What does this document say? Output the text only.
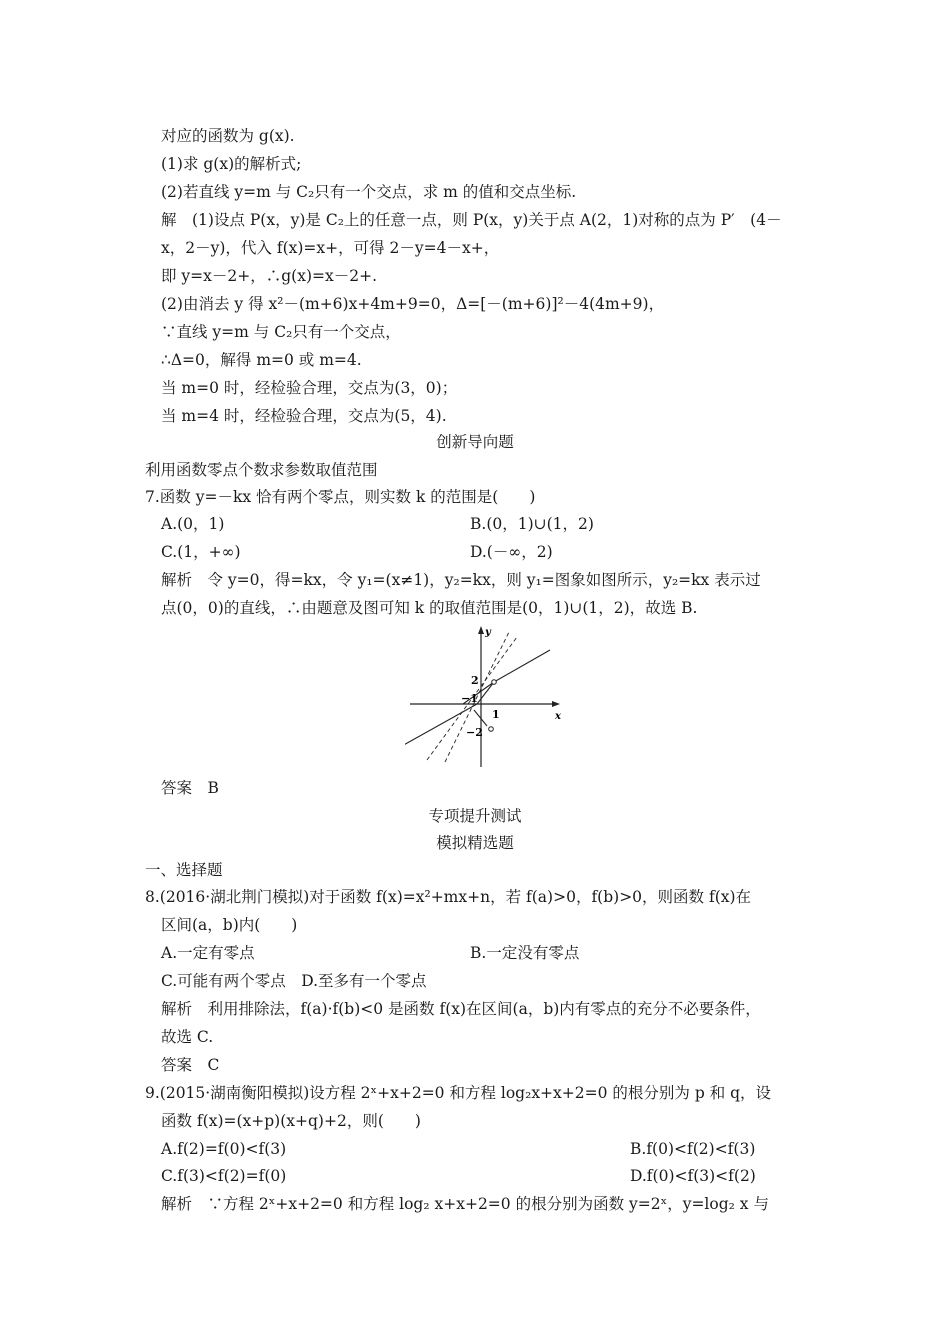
对应的函数为 g(x).
(1)求 g(x)的解析式;
(2)若直线 y=m 与 C₂只有一个交点，求 m 的值和交点坐标.
解　(1)设点 P(x，y)是 C₂上的任意一点，则 P(x，y)关于点 A(2，1)对称的点为 P′　(4－
x，2－y)，代入 f(x)=x+，可得 2－y=4－x+，
即 y=x－2+，∴g(x)=x－2+.
(2)由消去 y 得 x²－(m+6)x+4m+9=0，Δ=[－(m+6)]²－4(4m+9)，
∵直线 y=m 与 C₂只有一个交点，
∴Δ=0，解得 m=0 或 m=4.
当 m=0 时，经检验合理，交点为(3，0)；
当 m=4 时，经检验合理，交点为(5，4).
创新导向题
利用函数零点个数求参数取值范围
7.函数 y=－kx 恰有两个零点，则实数 k 的范围是(　　)
A.(0，1)	B.(0，1)∪(1，2)
C.(1，+∞)	D.(－∞，2)
解析　令 y=0，得=kx，令 y₁=(x≠1)，y₂=kx，则 y₁=图象如图所示，y₂=kx 表示过
点(0，0)的直线，∴由题意及图可知 k 的取值范围是(0，1)∪(1，2)，故选 B.
x
y
2
−1
1
−2
答案　B
专项提升测试
模拟精选题
一、选择题
8.(2016·湖北荆门模拟)对于函数 f(x)=x²+mx+n，若 f(a)>0，f(b)>0，则函数 f(x)在
区间(a，b)内(　　)
A.一定有零点	B.一定没有零点
C.可能有两个零点　D.至多有一个零点
解析　利用排除法，f(a)·f(b)<0 是函数 f(x)在区间(a，b)内有零点的充分不必要条件，
故选 C.
答案　C
9.(2015·湖南衡阳模拟)设方程 2ˣ+x+2=0 和方程 log₂x+x+2=0 的根分别为 p 和 q，设
函数 f(x)=(x+p)(x+q)+2，则(　　)
A.f(2)=f(0)<f(3)	B.f(0)<f(2)<f(3)
C.f(3)<f(2)=f(0)	D.f(0)<f(3)<f(2)
解析　∵方程 2ˣ+x+2=0 和方程 log₂ x+x+2=0 的根分别为函数 y=2ˣ，y=log₂ x 与
